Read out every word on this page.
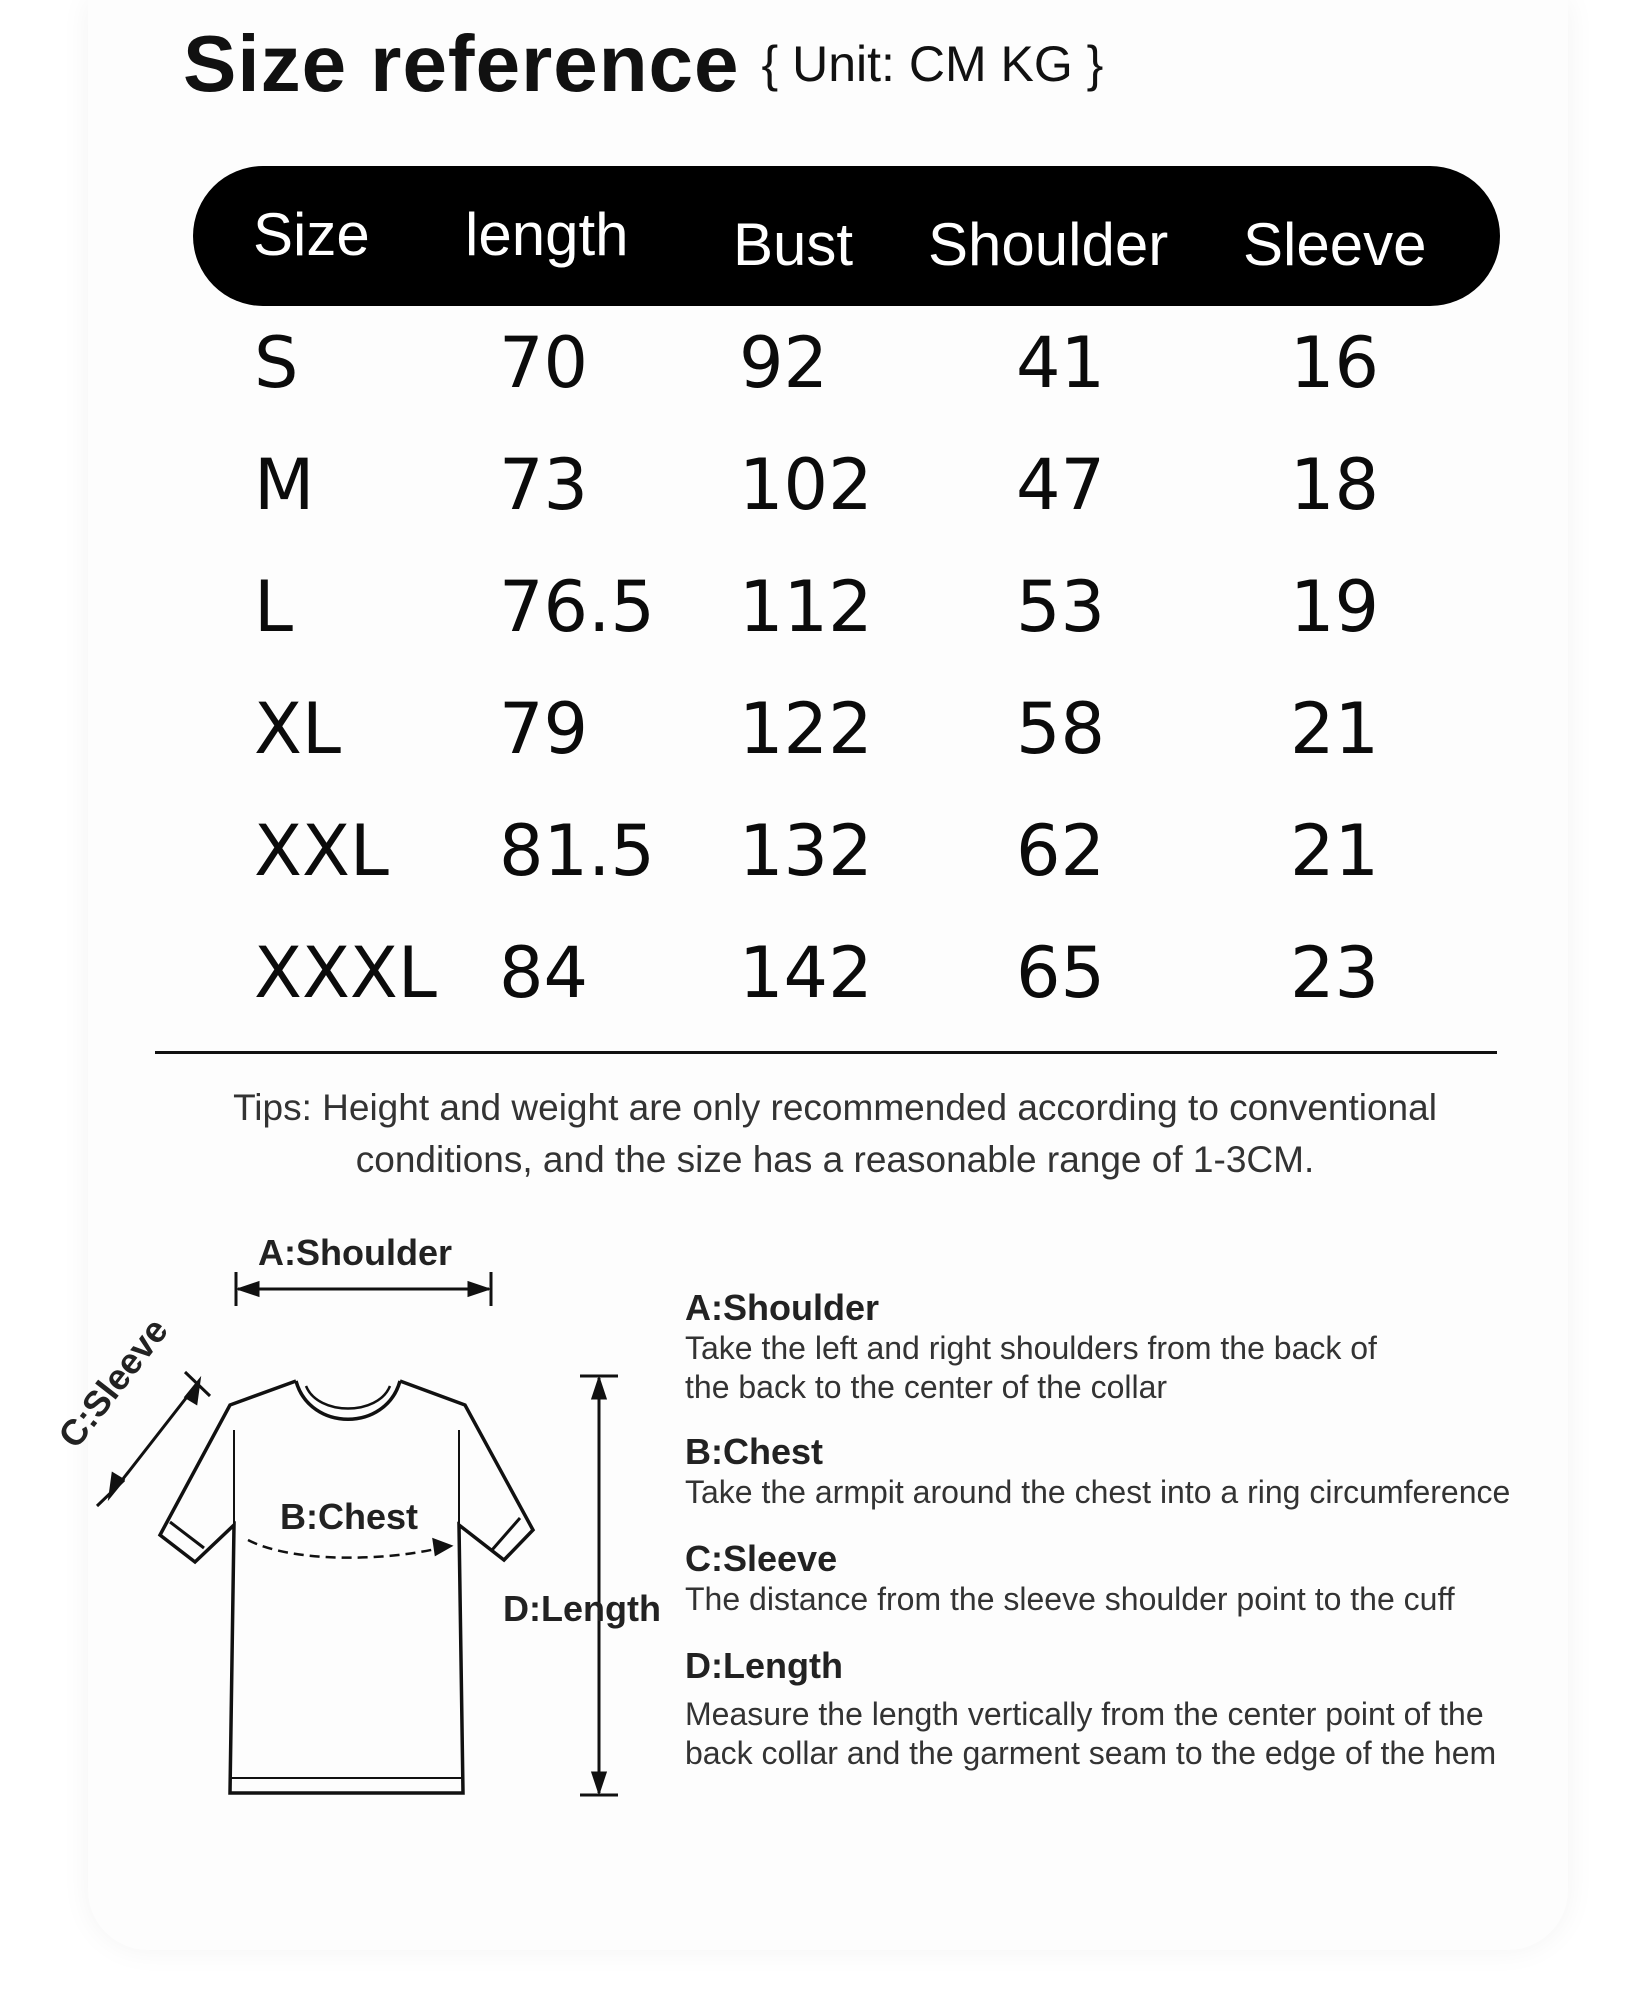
Size reference { Unit: CM KG }
Size length Bust Shoulder Sleeve
S	70 92	41	16
M	73 102 47	18
L	76.5 112 53	19
XL 79 122 58	21
XXL 81.5 132 62	21
XXXL 84 142 65	23
Tips: Height and weight are only recommended according to conventional
conditions, and the size has a reasonable range of 1-3CM.
A:Shoulder
B:Chest
C:Sleeve
D:Length

A:Shoulder

Take the left and right shoulders from the back of

the back to the center of the collar

B:Chest

Take the armpit around the chest into a ring circumference

C:Sleeve

The distance from the sleeve shoulder point to the cuff

D:Length

Measure the length vertically from the center point of the

back collar and the garment seam to the edge of the hem
